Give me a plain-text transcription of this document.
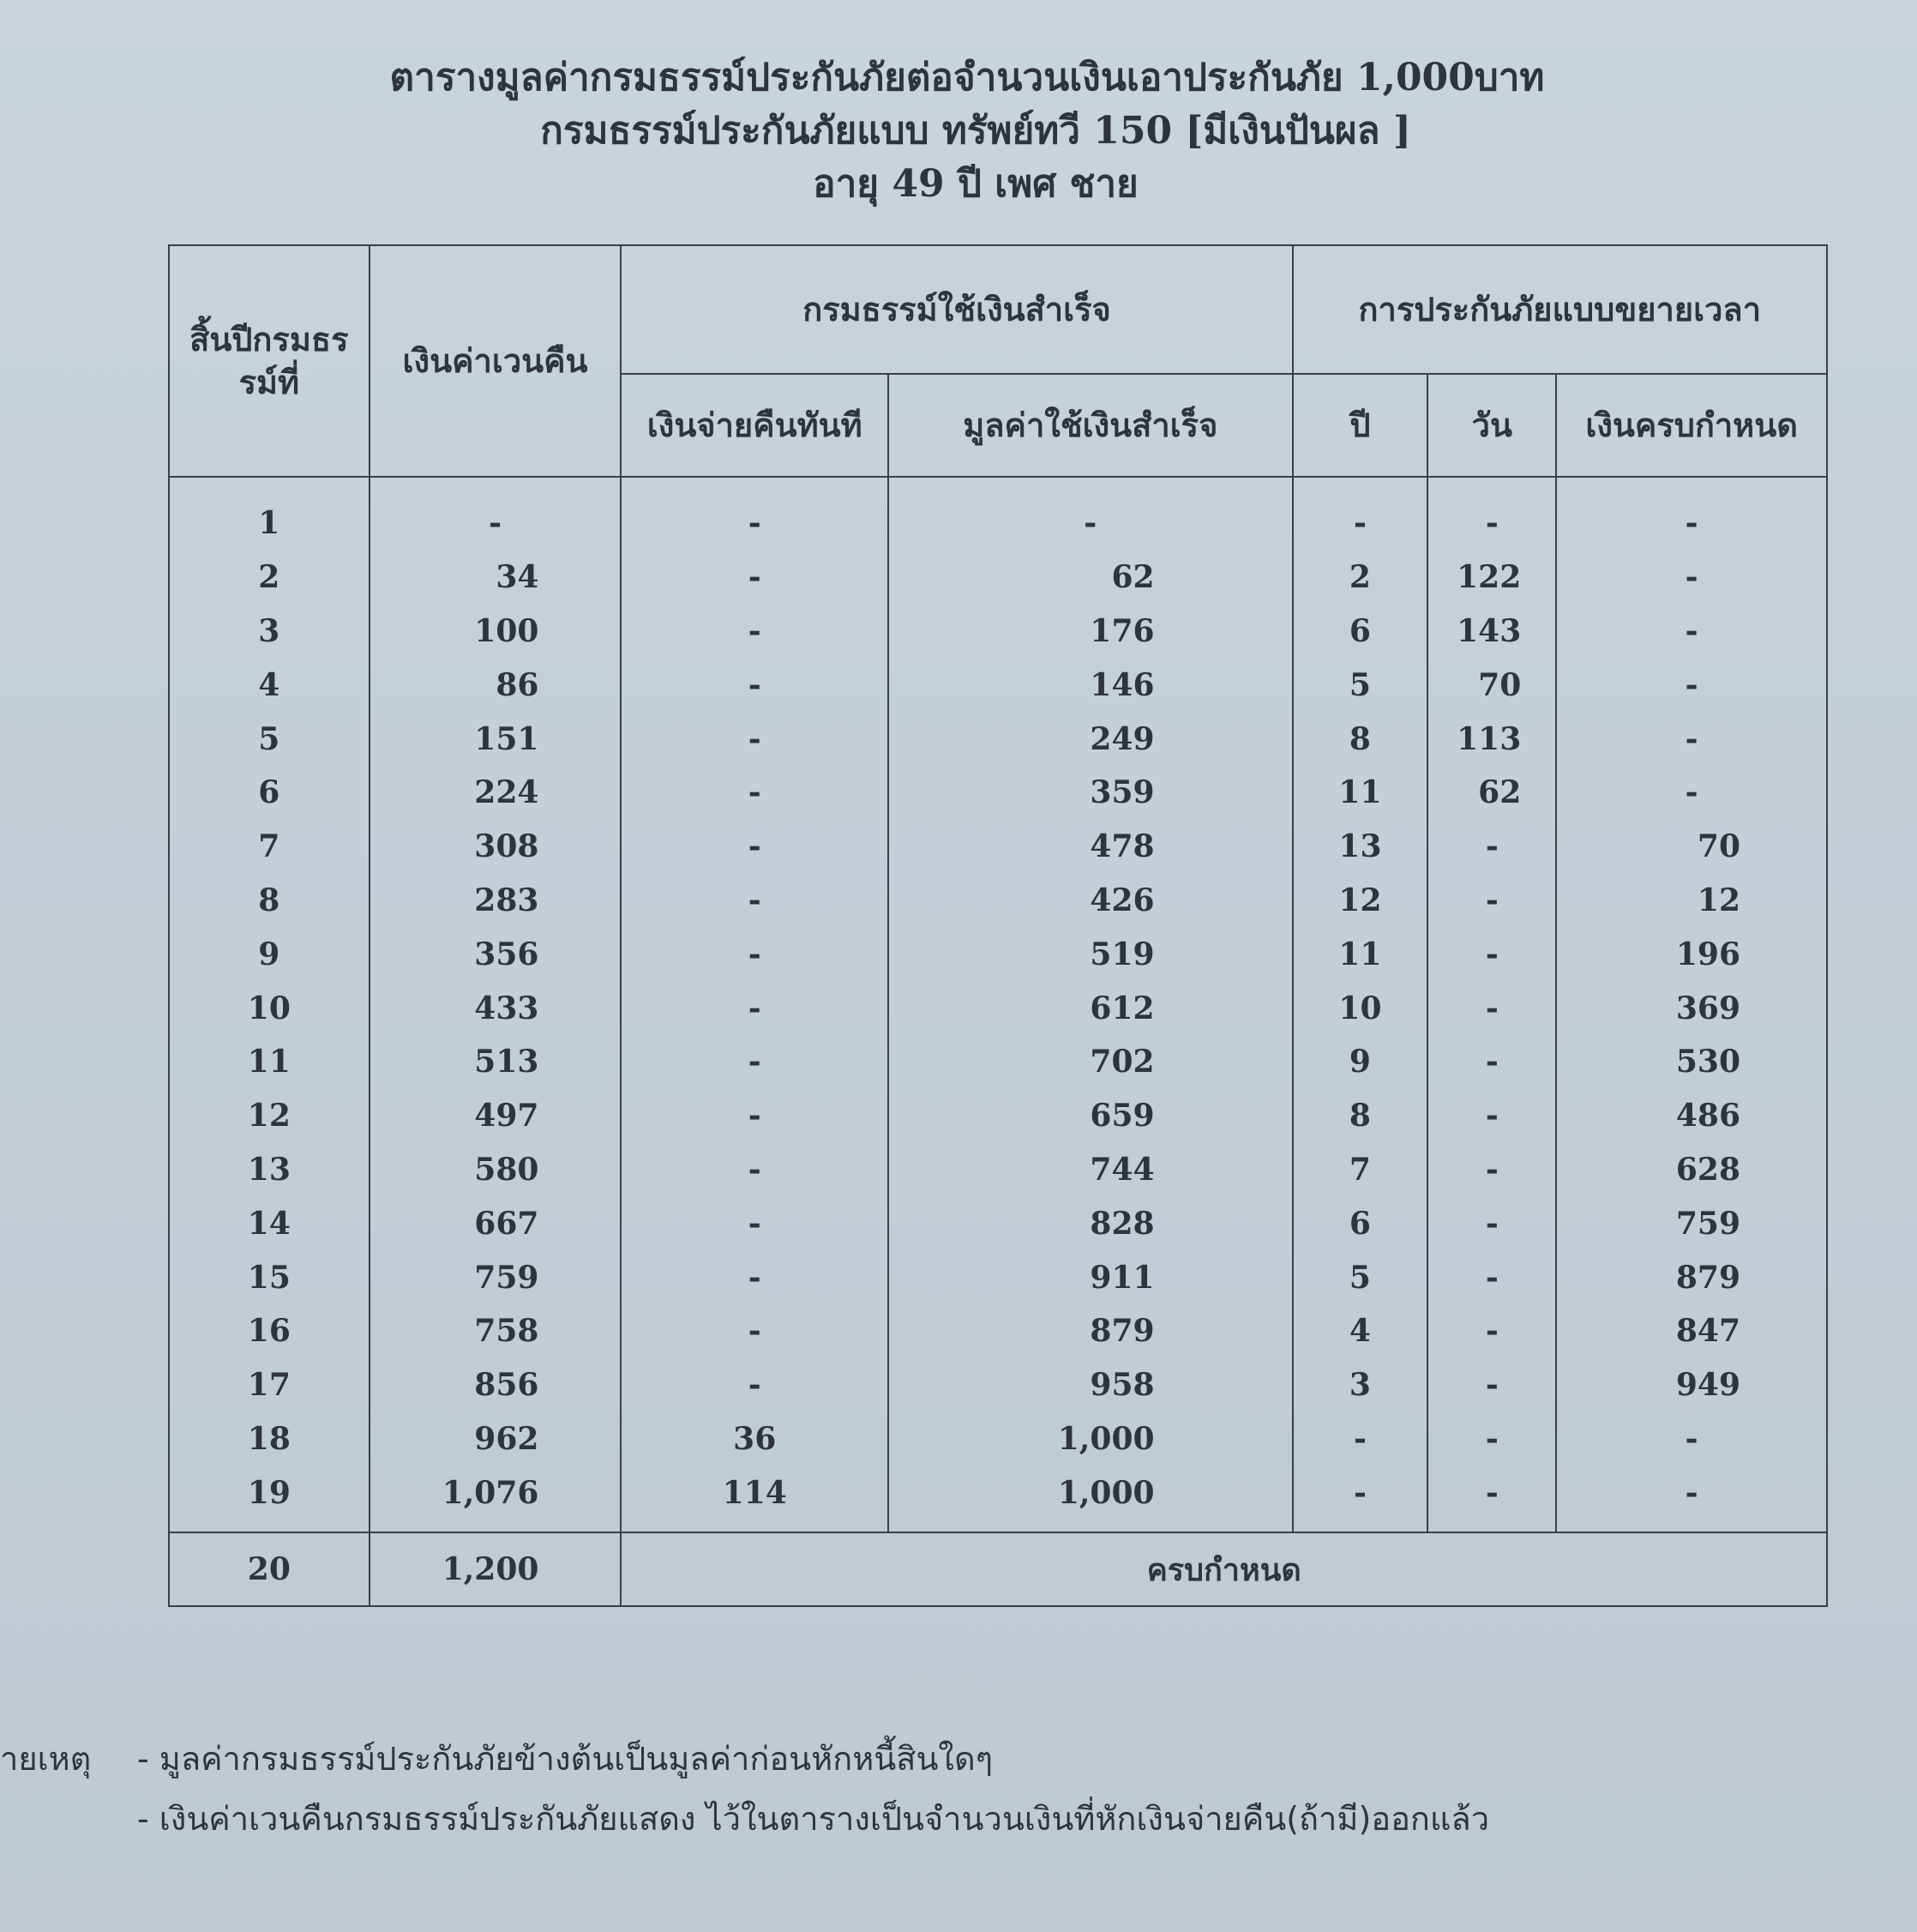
ตารางมูลค่ากรมธรรม์ประกันภัยต่อจำนวนเงินเอาประกันภัย 1,000บาท
กรมธรรม์ประกันภัยแบบ ทรัพย์ทวี 150 [มีเงินปันผล ]
อายุ 49 ปี เพศ ชาย
สิ้นปีกรมธรรม์ที่	เงินค่าเวนคืน	กรมธรรม์ใช้เงินสำเร็จ		การประกันภัยแบบขยายเวลา		
		เงินจ่ายคืนทันที	มูลค่าใช้เงินสำเร็จ	ปี	วัน	เงินครบกำหนด
1	-	-	-	-	-	-
2	34	-	62	2	122	-
3	100	-	176	6	143	-
4	86	-	146	5	70	-
5	151	-	249	8	113	-
6	224	-	359	11	62	-
7	308	-	478	13	-	70
8	283	-	426	12	-	12
9	356	-	519	11	-	196
10	433	-	612	10	-	369
11	513	-	702	9	-	530
12	497	-	659	8	-	486
13	580	-	744	7	-	628
14	667	-	828	6	-	759
15	759	-	911	5	-	879
16	758	-	879	4	-	847
17	856	-	958	3	-	949
18	962	36	1,000	-	-	-
19	1,076	114	1,000	-	-	-
20	1,200	ครบกำหนด				
ายเหตุ - มูลค่ากรมธรรม์ประกันภัยข้างต้นเป็นมูลค่าก่อนหักหนี้สินใดๆ
- เงินค่าเวนคืนกรมธรรม์ประกันภัยแสดง ไว้ในตารางเป็นจำนวนเงินที่หักเงินจ่ายคืน(ถ้ามี)ออกแล้ว
